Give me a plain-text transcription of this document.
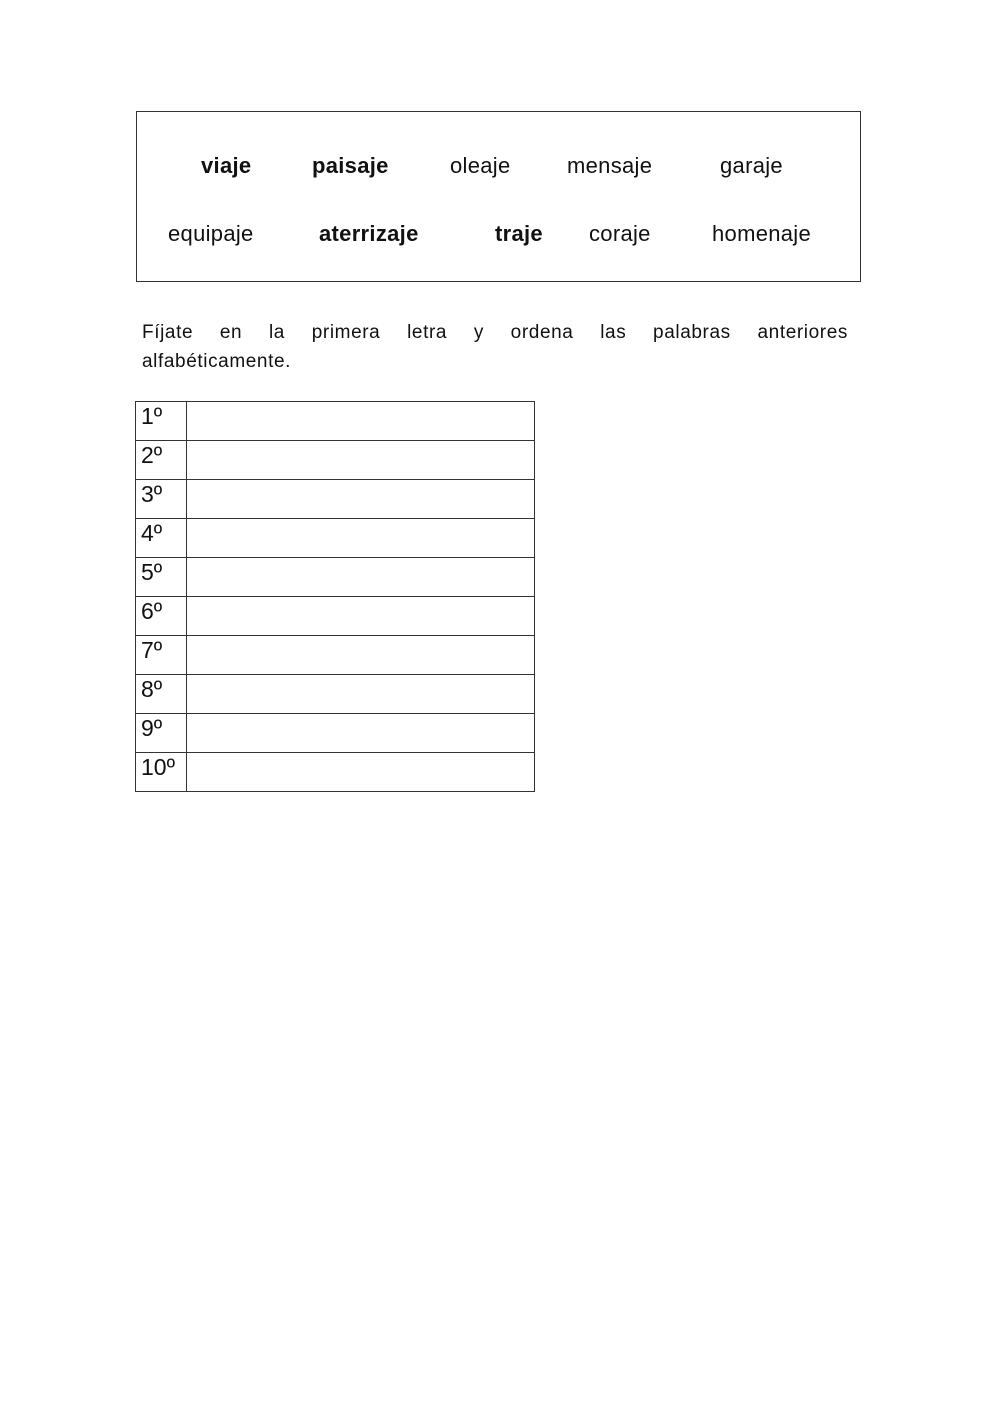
viaje	paisaje	oleaje	mensaje	garaje
equipaje	aterrizaje	traje coraje	homenaje

Fíjate en la primera letra y ordena las palabras anteriores alfabéticamente.

1º	
2º	
3º	
4º	
5º	
6º	
7º	
8º	
9º	
10º	
